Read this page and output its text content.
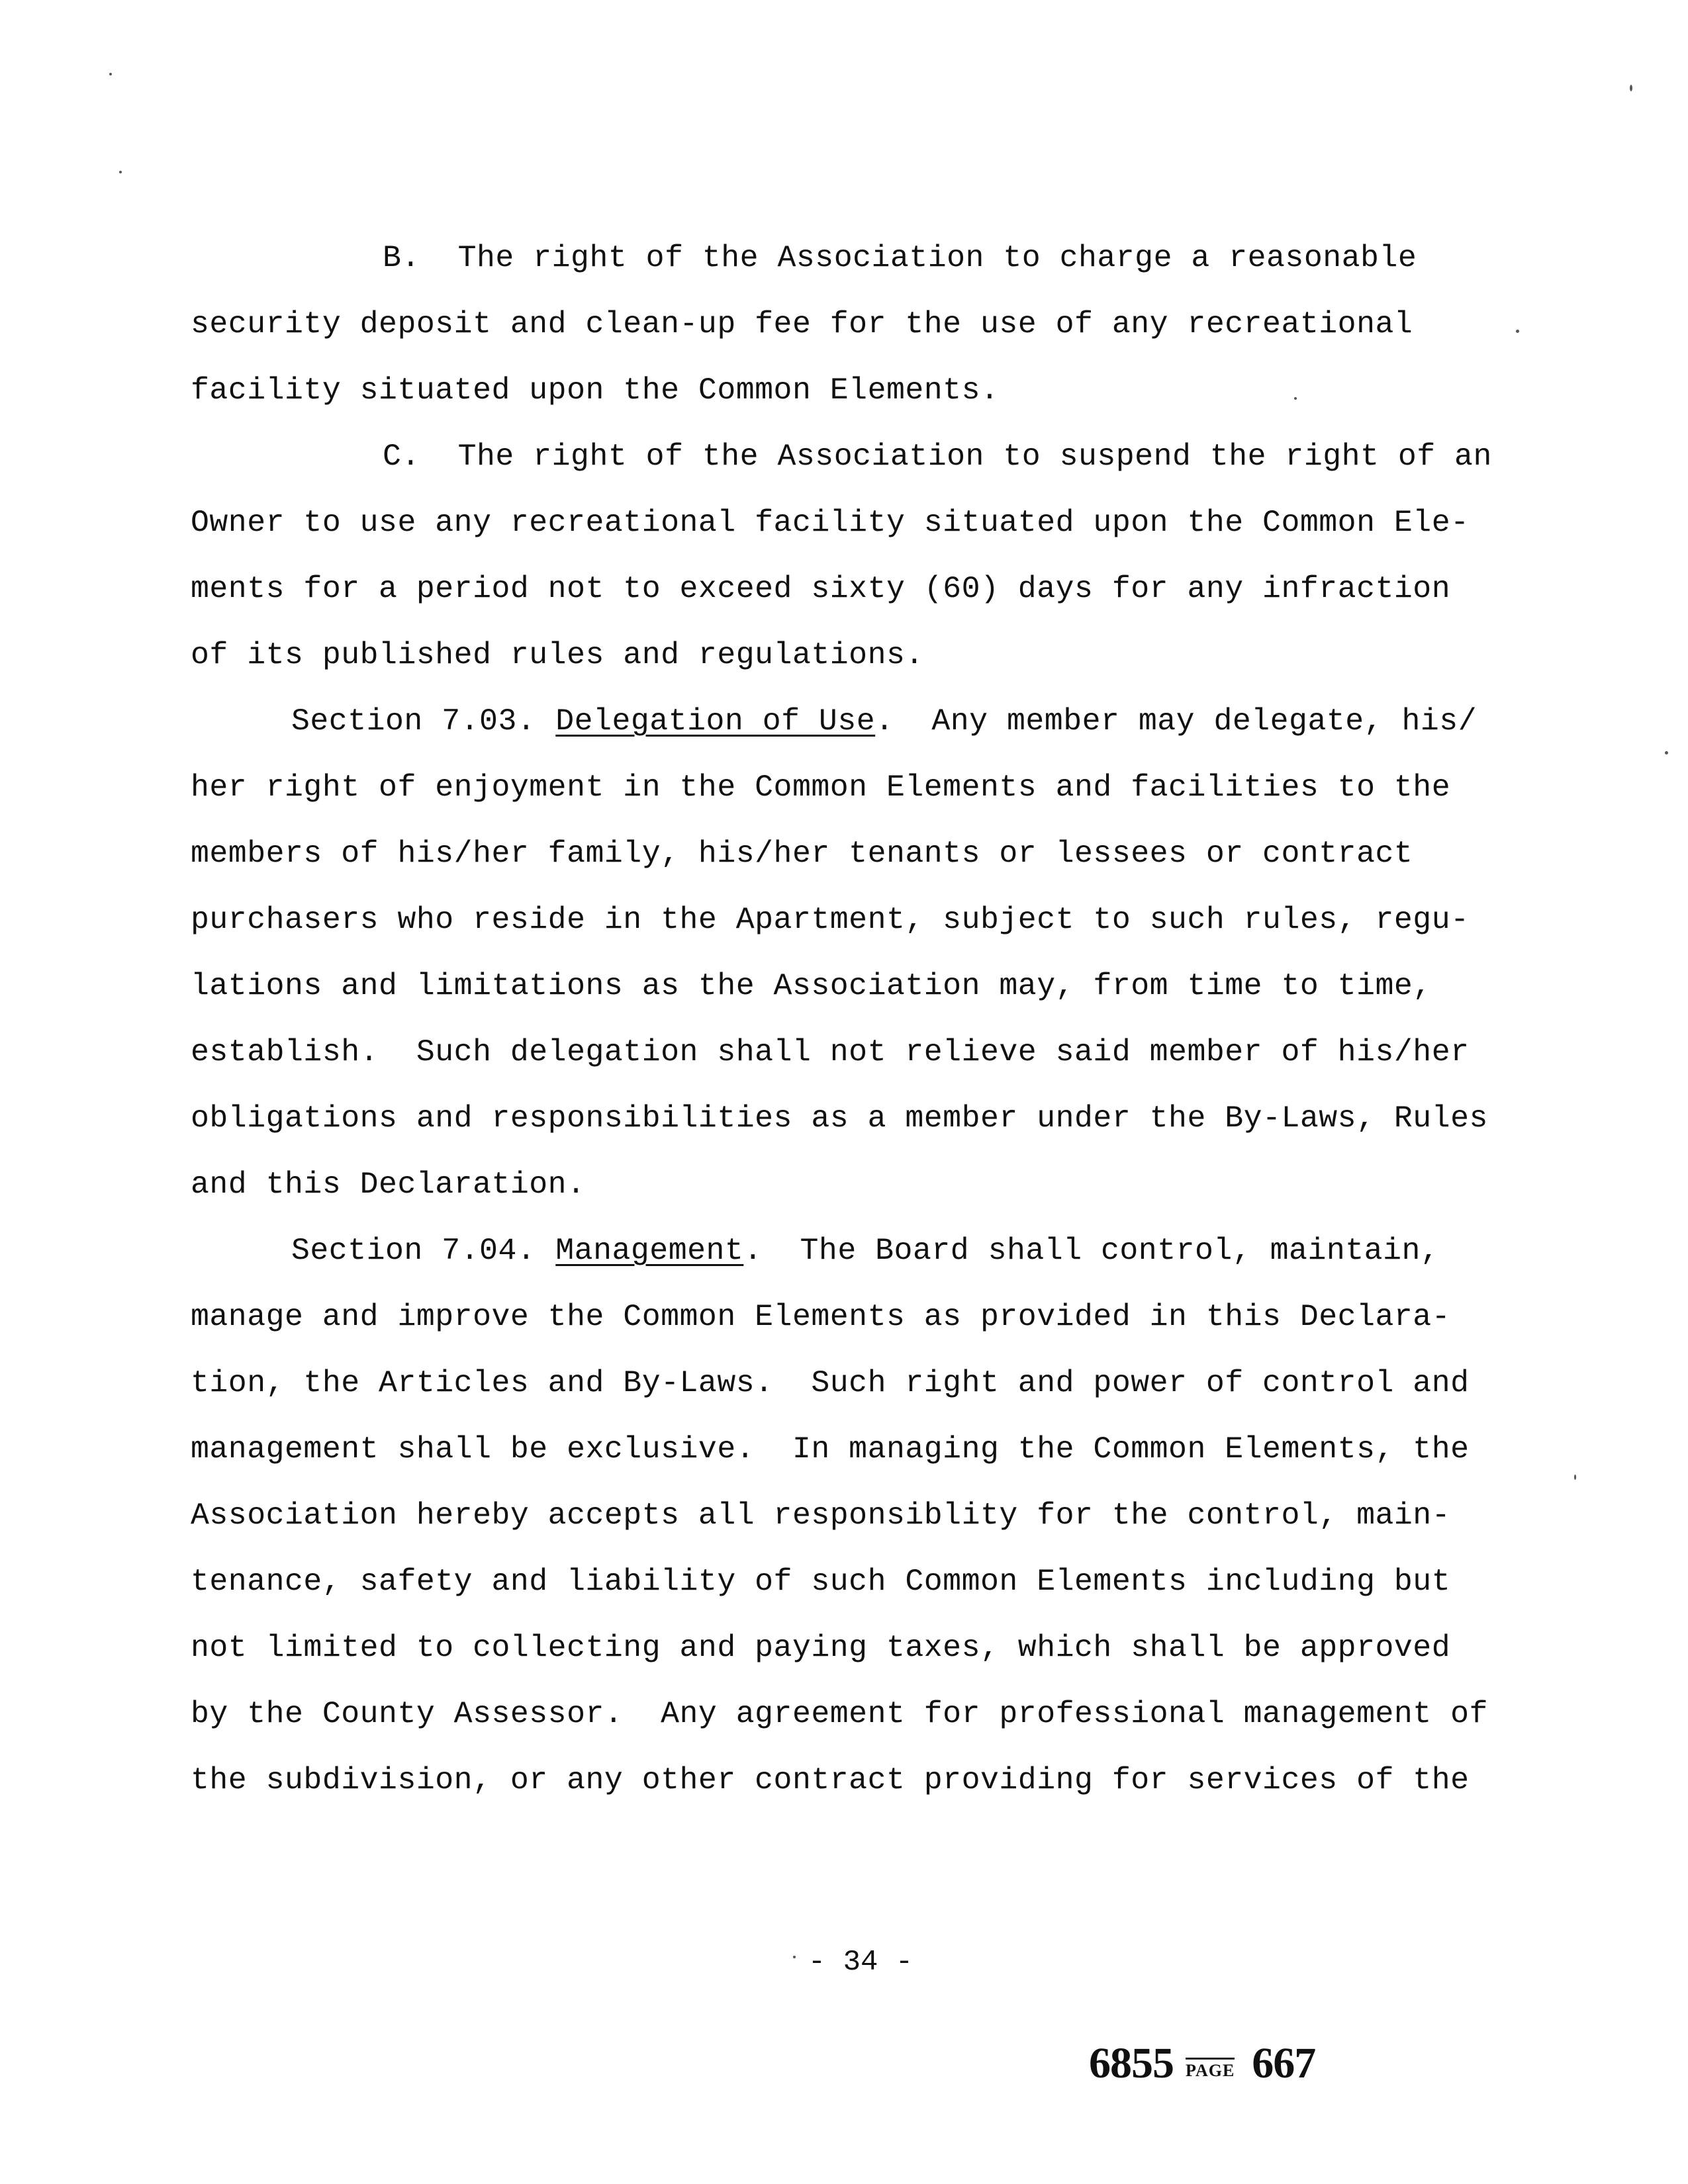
B.  The right of the Association to charge a reasonable
security deposit and clean-up fee for the use of any recreational
facility situated upon the Common Elements.
C.  The right of the Association to suspend the right of an
Owner to use any recreational facility situated upon the Common Ele-
ments for a period not to exceed sixty (60) days for any infraction
of its published rules and regulations.
Section 7.03. Delegation of Use.  Any member may delegate, his/
her right of enjoyment in the Common Elements and facilities to the
members of his/her family, his/her tenants or lessees or contract
purchasers who reside in the Apartment, subject to such rules, regu-
lations and limitations as the Association may, from time to time,
establish.  Such delegation shall not relieve said member of his/her
obligations and responsibilities as a member under the By-Laws, Rules
and this Declaration.
Section 7.04. Management.  The Board shall control, maintain,
manage and improve the Common Elements as provided in this Declara-
tion, the Articles and By-Laws.  Such right and power of control and
management shall be exclusive.  In managing the Common Elements, the
Association hereby accepts all responsiblity for the control, main-
tenance, safety and liability of such Common Elements including but
not limited to collecting and paying taxes, which shall be approved
by the County Assessor.  Any agreement for professional management of
the subdivision, or any other contract providing for services of the
- 34 -
6855 PAGE 667
